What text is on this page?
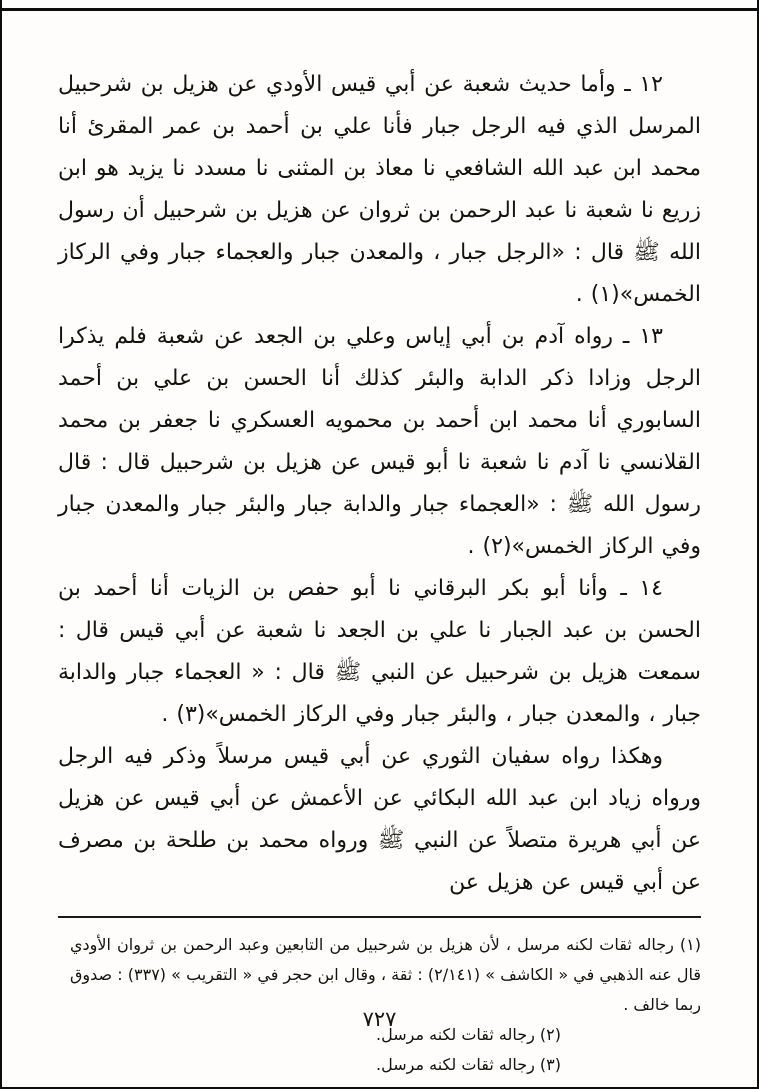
١٢ ـ وأما حديث شعبة عن أبي قيس الأودي عن هزيل بن شرحبيل المرسل الذي فيه الرجل جبار فأنا علي بن أحمد بن عمر المقرئ أنا محمد ابن عبد الله الشافعي نا معاذ بن المثنى نا مسدد نا يزيد هو ابن زريع نا شعبة نا عبد الرحمن بن ثروان عن هزيل بن شرحبيل أن رسول الله ﷺ قال : «الرجل جبار ، والمعدن جبار والعجماء جبار وفي الركاز الخمس»(١) .

١٣ ـ رواه آدم بن أبي إياس وعلي بن الجعد عن شعبة فلم يذكرا الرجل وزادا ذكر الدابة والبئر كذلك أنا الحسن بن علي بن أحمد السابوري أنا محمد ابن أحمد بن محمويه العسكري نا جعفر بن محمد القلانسي نا آدم نا شعبة نا أبو قيس عن هزيل بن شرحبيل قال : قال رسول الله ﷺ : «العجماء جبار والدابة جبار والبئر جبار والمعدن جبار وفي الركاز الخمس»(٢) .

١٤ ـ وأنا أبو بكر البرقاني نا أبو حفص بن الزيات أنا أحمد بن الحسن بن عبد الجبار نا علي بن الجعد نا شعبة عن أبي قيس قال : سمعت هزيل بن شرحبيل عن النبي ﷺ قال : « العجماء جبار والدابة جبار ، والمعدن جبار ، والبئر جبار وفي الركاز الخمس»(٣) .

وهكذا رواه سفيان الثوري عن أبي قيس مرسلاً وذكر فيه الرجل ورواه زياد ابن عبد الله البكائي عن الأعمش عن أبي قيس عن هزيل عن أبي هريرة متصلاً عن النبي ﷺ ورواه محمد بن طلحة بن مصرف عن أبي قيس عن هزيل عن

(١) رجاله ثقات لكنه مرسل ، لأن هزيل بن شرحبيل من التابعين وعبد الرحمن بن ثروان الأودي قال عنه الذهبي في « الكاشف » (٢/١٤١) : ثقة ، وقال ابن حجر في « التقريب » (٣٣٧) : صدوق ربما خالف .

(٢) رجاله ثقات لكنه مرسل.

(٣) رجاله ثقات لكنه مرسل.

٧٢٧
